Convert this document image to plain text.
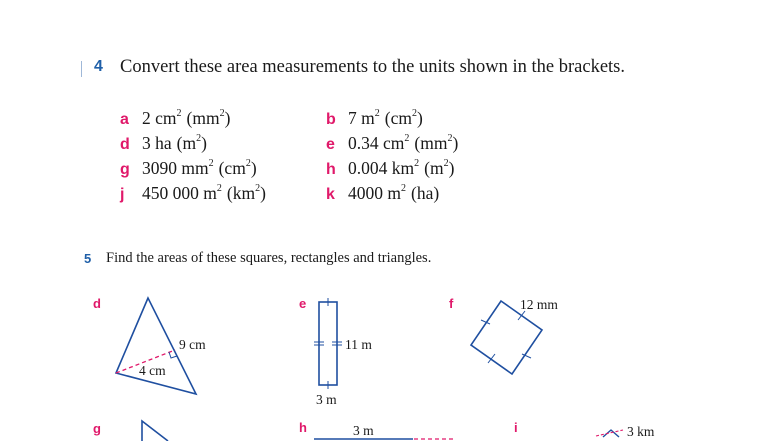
4 Convert these area measurements to the units shown in the brackets.
a 2 $cm^2$ $(mm^2)$	b 7 $m^2$ $(cm^2)$
d 3 ha $(m^2)$	e 0.34 $cm^2$ $(mm^2)$
g 3090 $mm^2$ $(cm^2)$	h 0.004 $km^2$ $(m^2)$
j 450 000 $m^2$ $(km^2)$	k 4000 $m^2$ (ha)
5 Find the areas of these squares, rectangles and triangles.
d	e	f
g	h	i
9 cm
4 cm
11 m
3 m
12 mm
3 m	3 km
